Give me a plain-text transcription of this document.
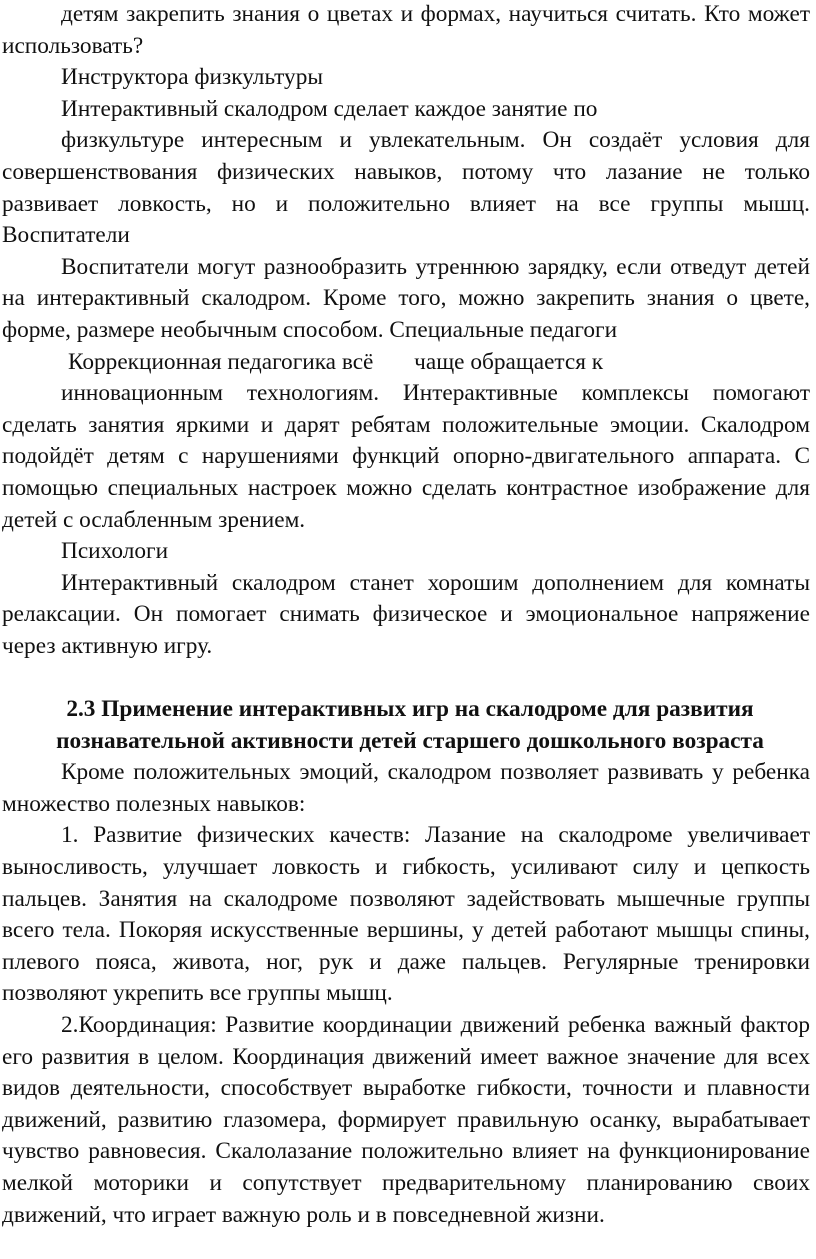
детям закрепить знания о цветах и формах, научиться считать. Кто может использовать?

Инструктора физкультуры

Интерактивный скалодром сделает каждое занятие по

физкультуре интересным и увлекательным. Он создаёт условия для совершенствования физических навыков, потому что лазание не только развивает ловкость, но и положительно влияет на все группы мышц. Воспитатели

Воспитатели могут разнообразить утреннюю зарядку, если отведут детей на интерактивный скалодром. Кроме того, можно закрепить знания о цвете, форме, размере необычным способом. Специальные педагоги

Коррекционная педагогика всё       чаще обращается к

инновационным технологиям. Интерактивные комплексы помогают сделать занятия яркими и дарят ребятам положительные эмоции. Скалодром подойдёт детям с нарушениями функций опорно-двигательного аппарата. С помощью специальных настроек можно сделать контрастное изображение для детей с ослабленным зрением.

Психологи

Интерактивный скалодром станет хорошим дополнением для комнаты релаксации. Он помогает снимать физическое и эмоциональное напряжение через активную игру.

2.3 Применение интерактивных игр на скалодроме для развития познавательной активности детей старшего дошкольного возраста

Кроме положительных эмоций, скалодром позволяет развивать у ребенка множество полезных навыков:

1. Развитие физических качеств: Лазание на скалодроме увеличивает выносливость, улучшает ловкость и гибкость, усиливают силу и цепкость пальцев. Занятия на скалодроме позволяют задействовать мышечные группы всего тела. Покоряя искусственные вершины, у детей работают мышцы спины, плевого пояса, живота, ног, рук и даже пальцев. Регулярные тренировки позволяют укрепить все группы мышц.

2.Координация: Развитие координации движений ребенка важный фактор его развития в целом. Координация движений имеет важное значение для всех видов деятельности, способствует выработке гибкости, точности и плавности движений, развитию глазомера, формирует правильную осанку, вырабатывает чувство равновесия. Скалолазание положительно влияет на функционирование мелкой моторики и сопутствует предварительному планированию своих движений, что играет важную роль и в повседневной жизни.
